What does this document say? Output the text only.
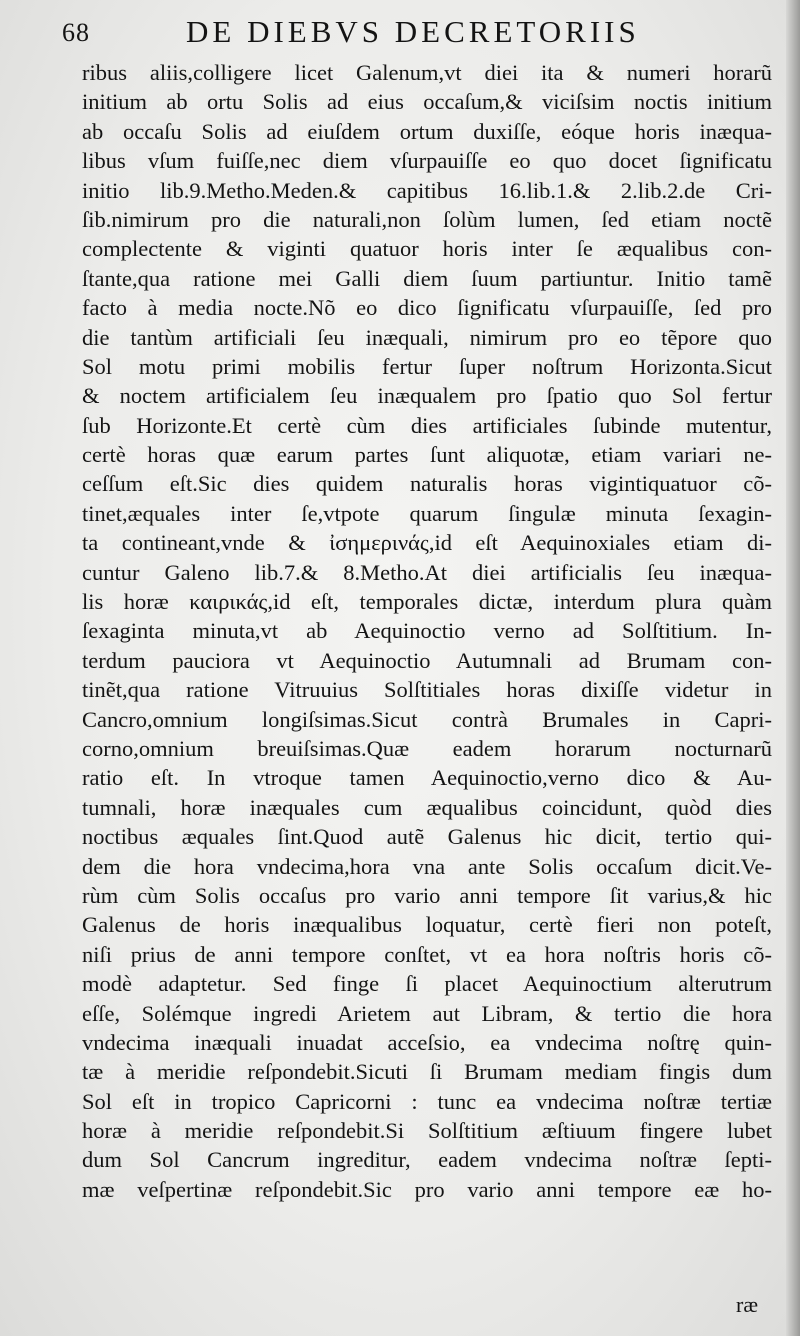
68	DE DIEBVS DECRETORIIS
ribus aliis,colligere licet Galenum,vt diei ita & numeri horarũ
initium ab ortu Solis ad eius occaſum,& viciſsim noctis initium
ab occaſu Solis ad eiuſdem ortum duxiſſe, eóque horis inæqua-
libus vſum fuiſſe,nec diem vſurpauiſſe eo quo docet ſignificatu
initio lib.9.Metho.Meden.& capitibus 16.lib.1.& 2.lib.2.de Cri-
ſib.nimirum pro die naturali,non ſolùm lumen, ſed etiam noctẽ
complectente & viginti quatuor horis inter ſe æqualibus con-
ſtante,qua ratione mei Galli diem ſuum partiuntur. Initio tamẽ
facto à media nocte.Nõ eo dico ſignificatu vſurpauiſſe, ſed pro
die tantùm artificiali ſeu inæquali, nimirum pro eo tẽpore quo
Sol motu primi mobilis fertur ſuper noſtrum Horizonta.Sicut
& noctem artificialem ſeu inæqualem pro ſpatio quo Sol fertur
ſub Horizonte.Et certè cùm dies artificiales ſubinde mutentur,
certè horas quæ earum partes ſunt aliquotæ, etiam variari ne-
ceſſum eſt.Sic dies quidem naturalis horas vigintiquatuor cõ-
tinet,æquales inter ſe,vtpote quarum ſingulæ minuta ſexagin-
ta contineant,vnde & ἰσημερινάς,id eſt Aequinoxiales etiam di-
cuntur Galeno lib.7.& 8.Metho.At diei artificialis ſeu inæqua-
lis horæ καιρικάς,id eſt, temporales dictæ, interdum plura quàm
ſexaginta minuta,vt ab Aequinoctio verno ad Solſtitium. In-
terdum pauciora vt Aequinoctio Autumnali ad Brumam con-
tinẽt,qua ratione Vitruuius Solſtitiales horas dixiſſe videtur in
Cancro,omnium longiſsimas.Sicut contrà Brumales in Capri-
corno,omnium breuiſsimas.Quæ eadem horarum nocturnarũ
ratio eſt. In vtroque tamen Aequinoctio,verno dico & Au-
tumnali, horæ inæquales cum æqualibus coincidunt, quòd dies
noctibus æquales ſint.Quod autẽ Galenus hic dicit, tertio qui-
dem die hora vndecima,hora vna ante Solis occaſum dicit.Ve-
rùm cùm Solis occaſus pro vario anni tempore ſit varius,& hic
Galenus de horis inæqualibus loquatur, certè fieri non poteſt,
niſi prius de anni tempore conſtet, vt ea hora noſtris horis cõ-
modè adaptetur. Sed finge ſi placet Aequinoctium alterutrum
eſſe, Solémque ingredi Arietem aut Libram, & tertio die hora
vndecima inæquali inuadat acceſsio, ea vndecima noſtrę quin-
tæ à meridie reſpondebit.Sicuti ſi Brumam mediam fingis dum
Sol eſt in tropico Capricorni : tunc ea vndecima noſtræ tertiæ
horæ à meridie reſpondebit.Si Solſtitium æſtiuum fingere lubet
dum Sol Cancrum ingreditur, eadem vndecima noſtræ ſepti-
mæ veſpertinæ reſpondebit.Sic pro vario anni tempore eæ ho-
ræ
